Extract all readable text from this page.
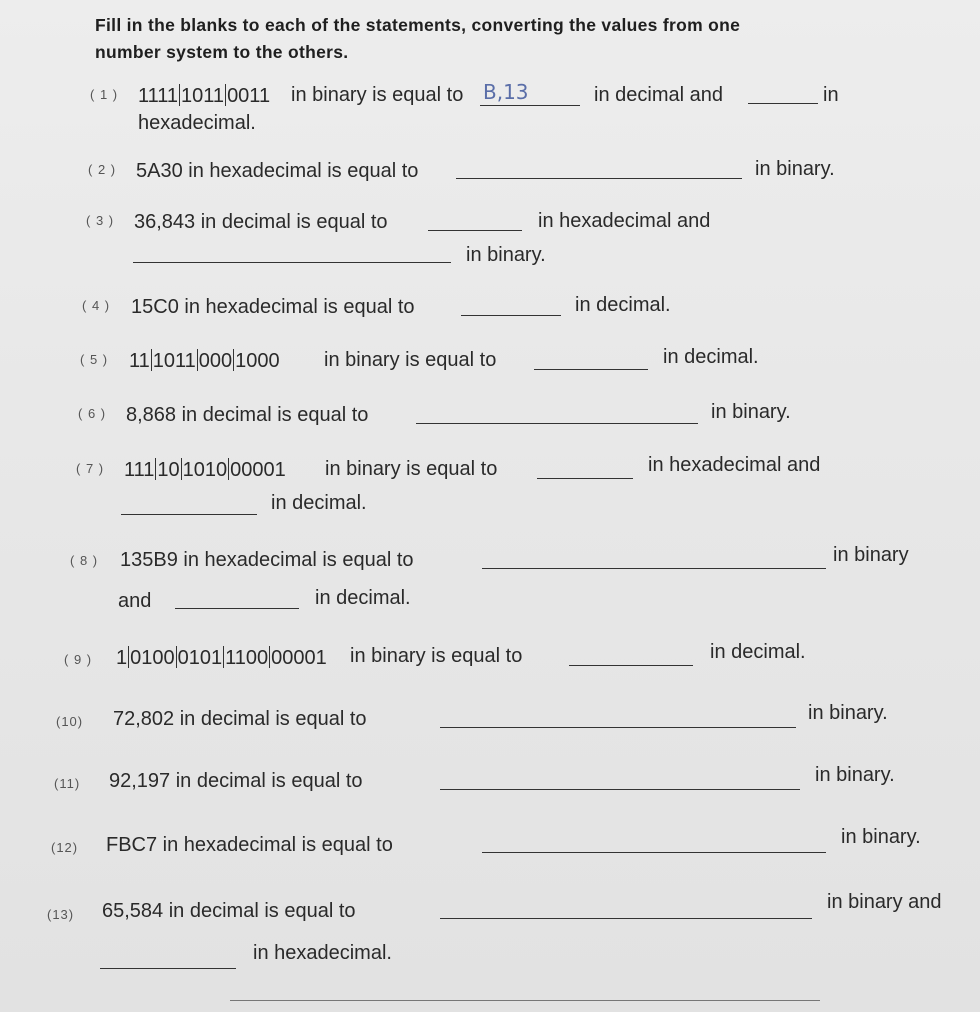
Fill in the blanks to each of the statements, converting the values from one
number system to the others.
( 1 ) 1111 1011 0011 in binary is equal to B,13	in decimal and	in
hexadecimal.
( 2 ) 5A30 in hexadecimal is equal to	in binary.
( 3 ) 36,843 in decimal is equal to	in hexadecimal and
in binary.
( 4 ) 15C0 in hexadecimal is equal to	in decimal.
( 5 ) 11 1011 000 1000 in binary is equal to	in decimal.
( 6 ) 8,868 in decimal is equal to	in binary.
( 7 ) 111 10 1010 00001 in binary is equal to	in hexadecimal and
in decimal.
( 8 ) 135B9 in hexadecimal is equal to	in binary
and	in decimal.
( 9 ) 1 0100 0101 1100 00001 in binary is equal to	in decimal.
(10) 72,802 in decimal is equal to	in binary.
(11) 92,197 in decimal is equal to	in binary.
(12) FBC7 in hexadecimal is equal to	in binary.
(13) 65,584 in decimal is equal to	in binary and
in hexadecimal.
